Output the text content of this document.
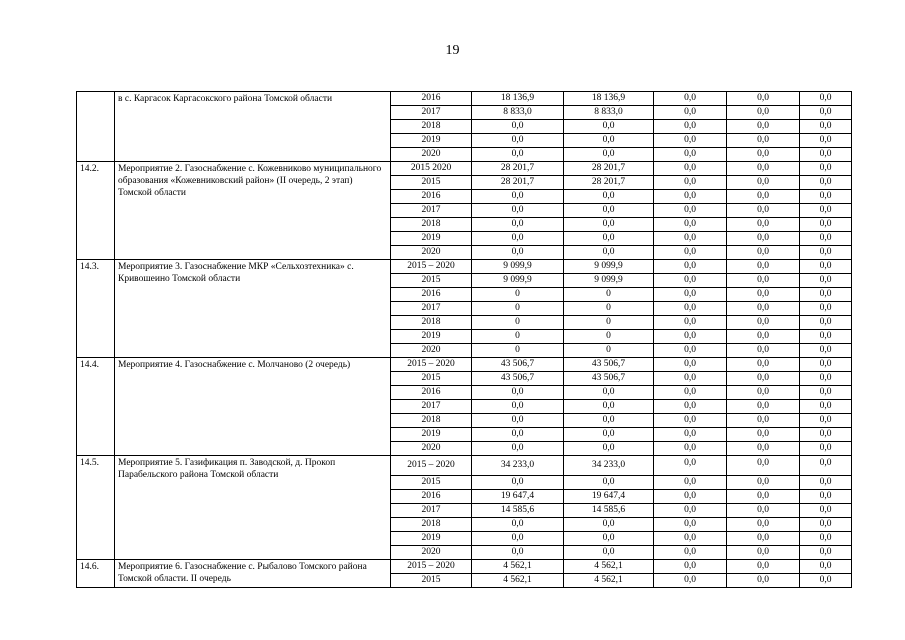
19
	в с. Каргасок Каргасокского района Томской области	2016	18 136,9	18 136,9	0,0	0,0	0,0
		2017	8 833,0	8 833,0	0,0	0,0	0,0
		2018	0,0	0,0	0,0	0,0	0,0
		2019	0,0	0,0	0,0	0,0	0,0
		2020	0,0	0,0	0,0	0,0	0,0
14.2.	Мероприятие 2. Газоснабжение с. Кожевниково муниципального образования «Кожевниковский район» (II очередь, 2 этап) Томской области	2015 2020	28 201,7	28 201,7	0,0	0,0	0,0
		2015	28 201,7	28 201,7	0,0	0,0	0,0
		2016	0,0	0,0	0,0	0,0	0,0
		2017	0,0	0,0	0,0	0,0	0,0
		2018	0,0	0,0	0,0	0,0	0,0
		2019	0,0	0,0	0,0	0,0	0,0
		2020	0,0	0,0	0,0	0,0	0,0
14.3.	Мероприятие 3. Газоснабжение МКР «Сельхозтехника» с. Кривошеино Томской области	2015 – 2020	9 099,9	9 099,9	0,0	0,0	0,0
		2015	9 099,9	9 099,9	0,0	0,0	0,0
		2016	0	0	0,0	0,0	0,0
		2017	0	0	0,0	0,0	0,0
		2018	0	0	0,0	0,0	0,0
		2019	0	0	0,0	0,0	0,0
		2020	0	0	0,0	0,0	0,0
14.4.	Мероприятие 4. Газоснабжение с. Молчаново (2 очередь)	2015 – 2020	43 506,7	43 506,7	0,0	0,0	0,0
		2015	43 506,7	43 506,7	0,0	0,0	0,0
		2016	0,0	0,0	0,0	0,0	0,0
		2017	0,0	0,0	0,0	0,0	0,0
		2018	0,0	0,0	0,0	0,0	0,0
		2019	0,0	0,0	0,0	0,0	0,0
		2020	0,0	0,0	0,0	0,0	0,0
14.5.	Мероприятие 5. Газификация п. Заводской, д. Прокоп Парабельского района Томской области	2015 – 2020	34 233,0	34 233,0	0,0	0,0	0,0
		2015	0,0	0,0	0,0	0,0	0,0
		2016	19 647,4	19 647,4	0,0	0,0	0,0
		2017	14 585,6	14 585,6	0,0	0,0	0,0
		2018	0,0	0,0	0,0	0,0	0,0
		2019	0,0	0,0	0,0	0,0	0,0
		2020	0,0	0,0	0,0	0,0	0,0
14.6.	Мероприятие 6. Газоснабжение с. Рыбалово Томского района Томской области. II очередь	2015 – 2020	4 562,1	4 562,1	0,0	0,0	0,0
		2015	4 562,1	4 562,1	0,0	0,0	0,0
